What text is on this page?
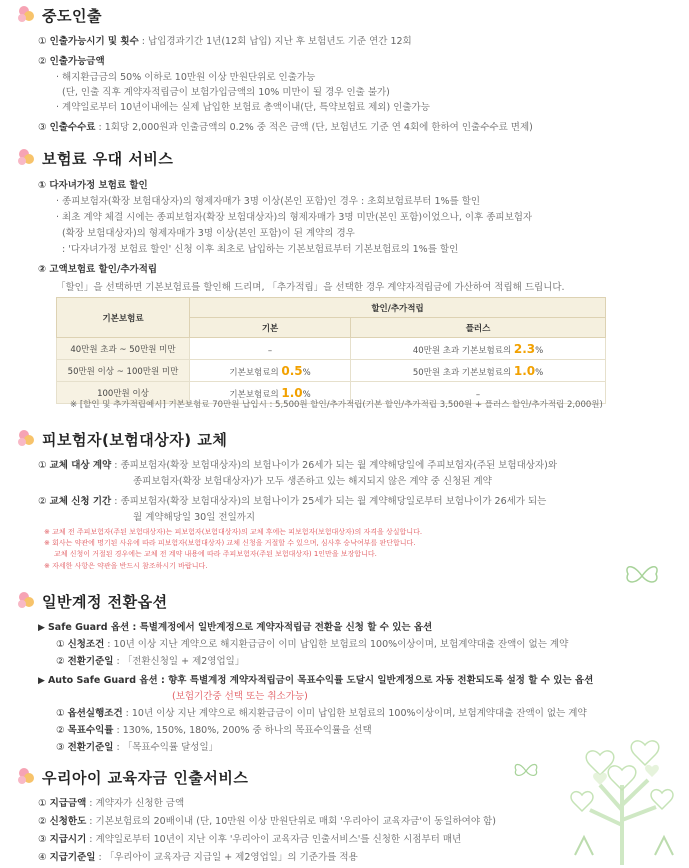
중도인출
① 인출가능시기 및 횟수 : 납입경과기간 1년(12회 납입) 지난 후 보험년도 기준 연간 12회
② 인출가능금액
· 해지환급금의 50% 이하로 10만원 이상 만원단위로 인출가능
(단, 인출 직후 계약자적립금이 보험가입금액의 10% 미만이 될 경우 인출 불가)
· 계약일로부터 10년이내에는 실제 납입한 보험료 총액이내(단, 특약보험료 제외) 인출가능
③ 인출수수료 : 1회당 2,000원과 인출금액의 0.2% 중 적은 금액 (단, 보험년도 기준 연 4회에 한하여 인출수수료 면제)
보험료 우대 서비스
① 다자녀가정 보험료 할인
· 종피보험자(확장 보험대상자)의 형제자매가 3명 이상(본인 포함)인 경우 : 초회보험료부터 1%를 할인
· 최초 계약 체결 시에는 종피보험자(확장 보험대상자)의 형제자매가 3명 미만(본인 포함)이었으나, 이후 종피보험자
(확장 보험대상자)의 형제자매가 3명 이상(본인 포함)이 된 계약의 경우
: '다자녀가정 보험료 할인' 신청 이후 최초로 납입하는 기본보험료부터 기본보험료의 1%를 할인
② 고액보험료 할인/추가적립
「할인」을 선택하면 기본보험료를 할인해 드리며, 「추가적립」을 선택한 경우 계약자적립금에 가산하여 적립해 드립니다.
기본보험료	할인/추가적립	
	기본	플러스
40만원 초과 ~ 50만원 미만	–	40만원 초과 기본보험료의 2.3%
50만원 이상 ~ 100만원 미만	기본보험료의 0.5%	50만원 초과 기본보험료의 1.0%
100만원 이상	기본보험료의 1.0%	–
※ [할인 및 추가적립예시] 기본보험료 70만원 납입시 : 5,500원 할인/추가적립(기본 할인/추가적립 3,500원 + 플러스 할인/추가적립 2,000원)
피보험자(보험대상자) 교체
① 교체 대상 계약 : 종피보험자(확장 보험대상자)의 보험나이가 26세가 되는 월 계약해당일에 주피보험자(주된 보험대상자)와
종피보험자(확장 보험대상자)가 모두 생존하고 있는 해지되지 않은 계약 중 신청된 계약
② 교체 신청 기간 : 종피보험자(확장 보험대상자)의 보험나이가 25세가 되는 월 계약해당일로부터 보험나이가 26세가 되는
월 계약해당일 30일 전일까지
※ 교체 전 주피보험자(주된 보험대상자)는 피보험자(보험대상자)의 교체 후에는 피보험자(보험대상자)의 자격을 상실합니다.
※ 회사는 약관에 명기된 사유에 따라 피보험자(보험대상자) 교체 신청을 거절할 수 있으며, 심사후 승낙여부를 판단합니다.
교체 신청이 거절된 경우에는 교체 전 계약 내용에 따라 주피보험자(주된 보험대상자) 1인만을 보장합니다.
※ 자세한 사항은 약관을 반드시 참조하시기 바랍니다.
일반계정 전환옵션
▶ Safe Guard 옵션 : 특별계정에서 일반계정으로 계약자적립금 전환을 신청 할 수 있는 옵션
① 신청조건 : 10년 이상 지난 계약으로 해지환급금이 이미 납입한 보험료의 100%이상이며, 보험계약대출 잔액이 없는 계약
② 전환기준일 : 「전환신청일 + 제2영업일」
▶ Auto Safe Guard 옵션 : 향후 특별계정 계약자적립금이 목표수익률 도달시 일반계정으로 자동 전환되도록 설정 할 수 있는 옵션
(보험기간중 선택 또는 취소가능)
① 옵션실행조건 : 10년 이상 지난 계약으로 해지환급금이 이미 납입한 보험료의 100%이상이며, 보험계약대출 잔액이 없는 계약
② 목표수익률 : 130%, 150%, 180%, 200% 중 하나의 목표수익률을 선택
③ 전환기준일 : 「목표수익률 달성일」
우리아이 교육자금 인출서비스
① 지급금액 : 계약자가 신청한 금액
② 신청한도 : 기본보험료의 20배이내 (단, 10만원 이상 만원단위로 매회 '우리아이 교육자금'이 동일하여야 함)
③ 지급시기 : 계약일로부터 10년이 지난 이후 '우리아이 교육자금 인출서비스'를 신청한 시점부터 매년
④ 지급기준일 : 「우리아이 교육자금 지급일 + 제2영업일」의 기준가를 적용
